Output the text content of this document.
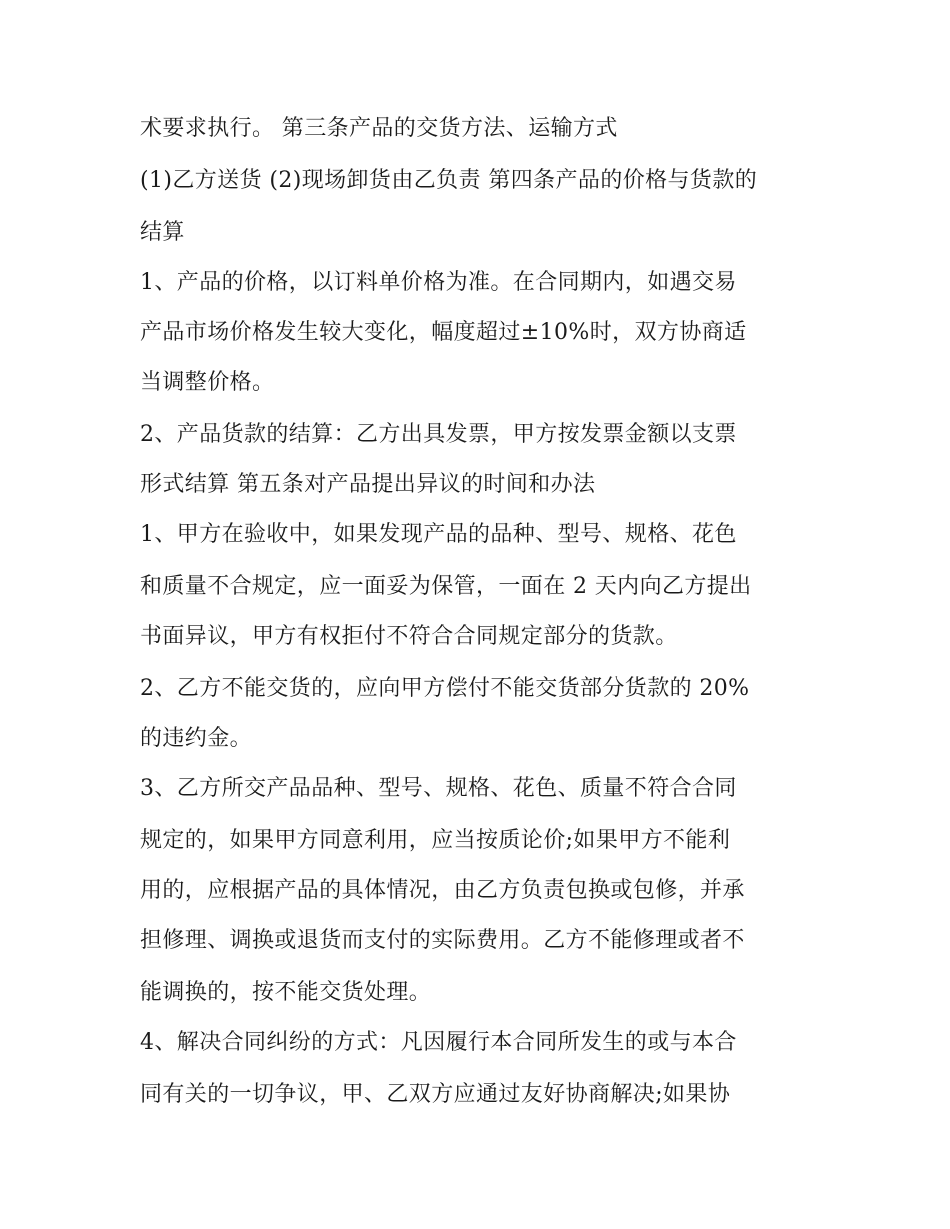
术要求执行。 第三条产品的交货方法、运输方式
(1)乙方送货 (2)现场卸货由乙负责 第四条产品的价格与货款的
结算
1、产品的价格，以订料单价格为准。在合同期内，如遇交易
产品市场价格发生较大变化，幅度超过±10%时，双方协商适
当调整价格。
2、产品货款的结算：乙方出具发票，甲方按发票金额以支票
形式结算 第五条对产品提出异议的时间和办法
1、甲方在验收中，如果发现产品的品种、型号、规格、花色
和质量不合规定，应一面妥为保管，一面在 2 天内向乙方提出
书面异议，甲方有权拒付不符合合同规定部分的货款。
2、乙方不能交货的，应向甲方偿付不能交货部分货款的 20%
的违约金。
3、乙方所交产品品种、型号、规格、花色、质量不符合合同
规定的，如果甲方同意利用，应当按质论价;如果甲方不能利
用的，应根据产品的具体情况，由乙方负责包换或包修，并承
担修理、调换或退货而支付的实际费用。乙方不能修理或者不
能调换的，按不能交货处理。
4、解决合同纠纷的方式：凡因履行本合同所发生的或与本合
同有关的一切争议，甲、乙双方应通过友好协商解决;如果协
